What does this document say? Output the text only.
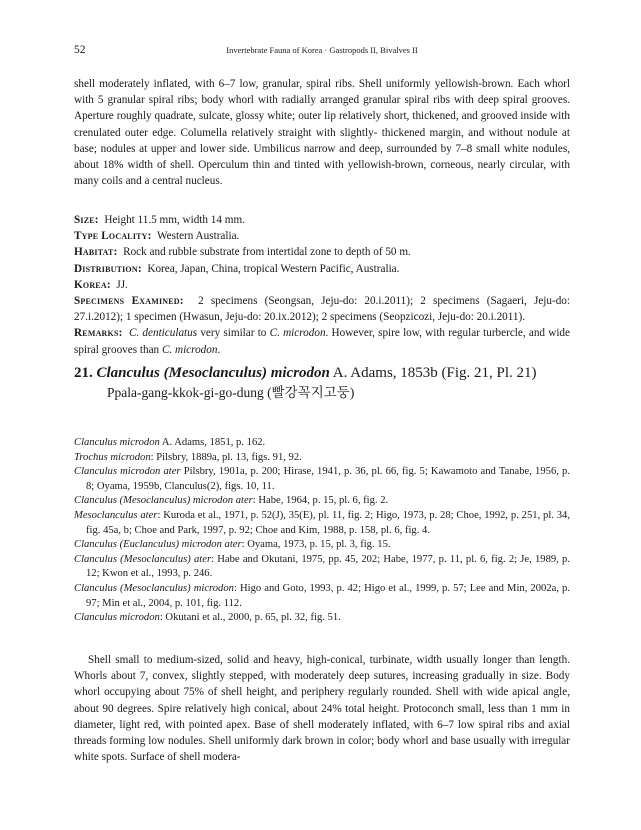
52	Invertebrate Fauna of Korea · Gastropods II, Bivalves II

shell moderately inflated, with 6–7 low, granular, spiral ribs. Shell uniformly yellowish-brown. Each whorl with 5 granular spiral ribs; body whorl with radially arranged granular spiral ribs with deep spiral grooves. Aperture roughly quadrate, sulcate, glossy white; outer lip relatively short, thickened, and grooved inside with crenulated outer edge. Columella relatively straight with slightly- thickened margin, and without nodule at base; nodules at upper and lower side. Umbilicus narrow and deep, surrounded by 7–8 small white nodules, about 18% width of shell. Operculum thin and tinted with yellowish-brown, corneous, nearly circular, with many coils and a central nucleus.

Size: Height 11.5 mm, width 14 mm.

Type Locality: Western Australia.

Habitat: Rock and rubble substrate from intertidal zone to depth of 50 m.

Distribution: Korea, Japan, China, tropical Western Pacific, Australia.

Korea: JJ.

Specimens Examined: 2 specimens (Seongsan, Jeju-do: 20.i.2011); 2 specimens (Sagaeri, Jeju-do: 27.i.2012); 1 specimen (Hwasun, Jeju-do: 20.ix.2012); 2 specimens (Seopzicozi, Jeju-do: 20.i.2011).

Remarks: C. denticulatus very similar to C. microdon. However, spire low, with regular turbercle, and wide spiral grooves than C. microdon.

21. Clanculus (Mesoclanculus) microdon A. Adams, 1853b (Fig. 21, Pl. 21)
Ppala-gang-kkok-gi-go-dung (빨강꼭지고둥)

Clanculus microdon A. Adams, 1851, p. 162.

Trochus microdon: Pilsbry, 1889a, pl. 13, figs. 91, 92.

Clanculus microdon ater Pilsbry, 1901a, p. 200; Hirase, 1941, p. 36, pl. 66, fig. 5; Kawamoto and Tanabe, 1956, p. 8; Oyama, 1959b, Clanculus(2), figs. 10, 11.

Clanculus (Mesoclanculus) microdon ater: Habe, 1964, p. 15, pl. 6, fig. 2.

Mesoclanculus ater: Kuroda et al., 1971, p. 52(J), 35(E), pl. 11, fig. 2; Higo, 1973, p. 28; Choe, 1992, p. 251, pl. 34, fig. 45a, b; Choe and Park, 1997, p. 92; Choe and Kim, 1988, p. 158, pl. 6, fig. 4.

Clanculus (Euclanculus) microdon ater: Oyama, 1973, p. 15, pl. 3, fig. 15.

Clanculus (Mesoclanculus) ater: Habe and Okutani, 1975, pp. 45, 202; Habe, 1977, p. 11, pl. 6, fig. 2; Je, 1989, p. 12; Kwon et al., 1993, p. 246.

Clanculus (Mesoclanculus) microdon: Higo and Goto, 1993, p. 42; Higo et al., 1999, p. 57; Lee and Min, 2002a, p. 97; Min et al., 2004, p. 101, fig. 112.

Clanculus microdon: Okutani et al., 2000, p. 65, pl. 32, fig. 51.

Shell small to medium-sized, solid and heavy, high-conical, turbinate, width usually longer than length. Whorls about 7, convex, slightly stepped, with moderately deep sutures, increasing gradually in size. Body whorl occupying about 75% of shell height, and periphery regularly rounded. Shell with wide apical angle, about 90 degrees. Spire relatively high conical, about 24% total height. Protoconch small, less than 1 mm in diameter, light red, with pointed apex. Base of shell moderately inflated, with 6–7 low spiral ribs and axial threads forming low nodules. Shell uniformly dark brown in color; body whorl and base usually with irregular white spots. Surface of shell modera-
